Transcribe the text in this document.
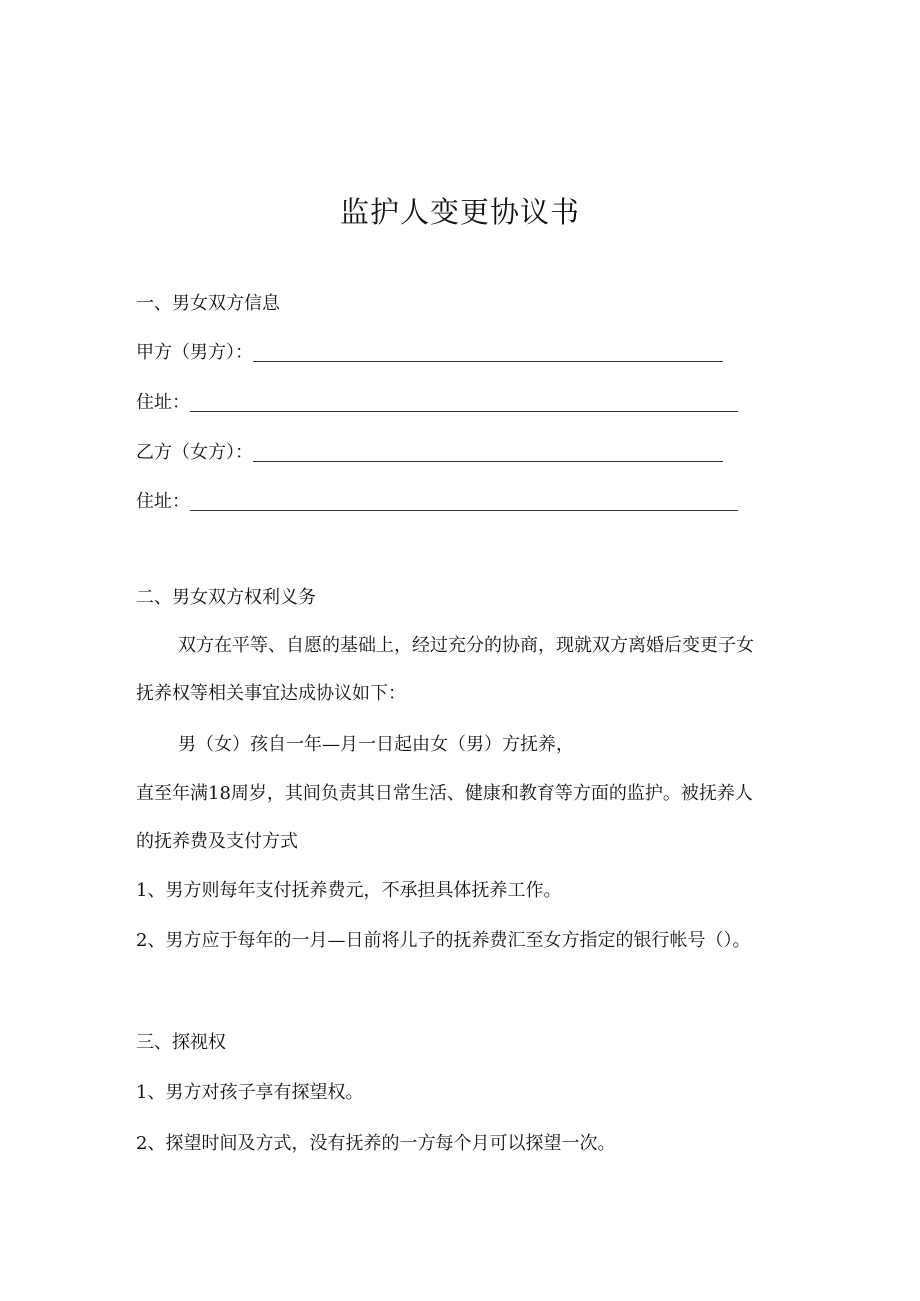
监护人变更协议书
一、男女双方信息
甲方（男方）：
住址：
乙方（女方）：
住址：
二、男女双方权利义务
双方在平等、自愿的基础上，经过充分的协商，现就双方离婚后变更子女
抚养权等相关事宜达成协议如下：
男（女）孩自一年—月一日起由女（男）方抚养，
直至年满18周岁，其间负责其日常生活、健康和教育等方面的监护。被抚养人
的抚养费及支付方式
1、男方则每年支付抚养费元，不承担具体抚养工作。
2、男方应于每年的一月—日前将儿子的抚养费汇至女方指定的银行帐号（）。
三、探视权
1、男方对孩子享有探望权。
2、探望时间及方式，没有抚养的一方每个月可以探望一次。
